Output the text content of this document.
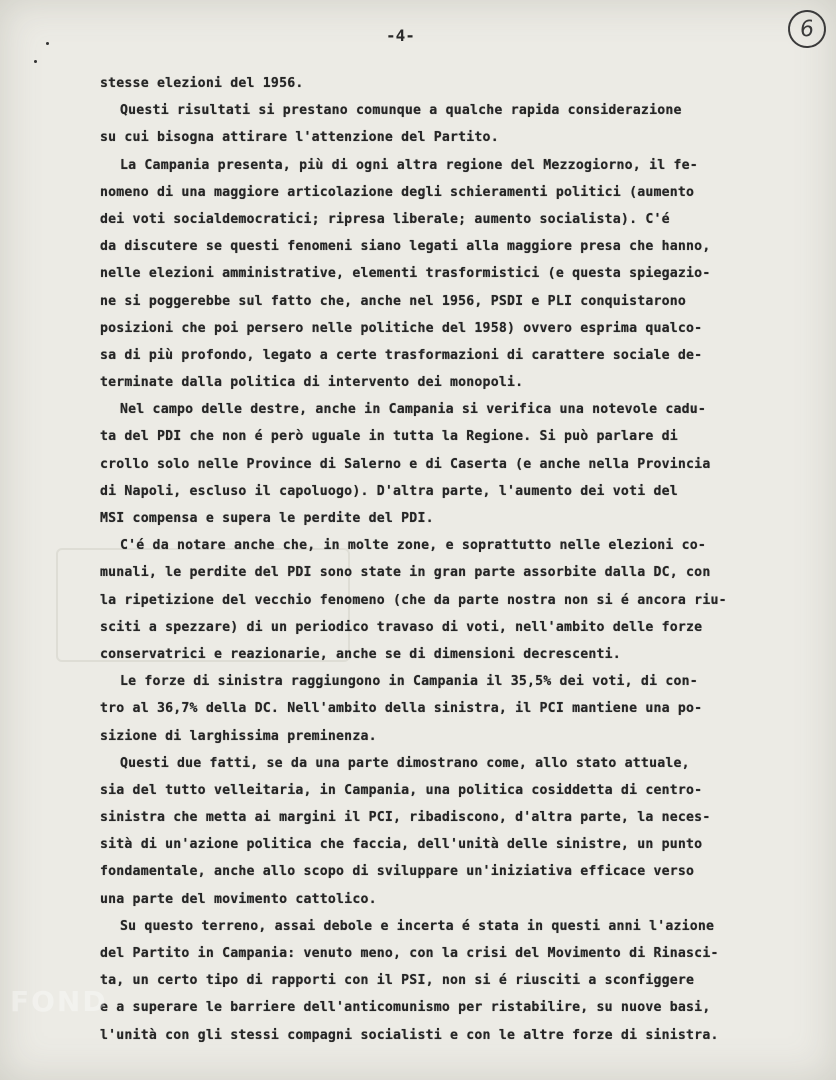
-4-	6
stesse elezioni del 1956.
Questi risultati si prestano comunque a qualche rapida considerazione
su cui bisogna attirare l'attenzione del Partito.
La Campania presenta, più di ogni altra regione del Mezzogiorno, il fe-
nomeno di una maggiore articolazione degli schieramenti politici (aumento
dei voti socialdemocratici; ripresa liberale; aumento socialista). C'é
da discutere se questi fenomeni siano legati alla maggiore presa che hanno,
nelle elezioni amministrative, elementi trasformistici (e questa spiegazio-
ne si poggerebbe sul fatto che, anche nel 1956, PSDI e PLI conquistarono
posizioni che poi persero nelle politiche del 1958) ovvero esprima qualco-
sa di più profondo, legato a certe trasformazioni di carattere sociale de-
terminate dalla politica di intervento dei monopoli.
Nel campo delle destre, anche in Campania si verifica una notevole cadu-
ta del PDI che non é però uguale in tutta la Regione. Si può parlare di
crollo solo nelle Province di Salerno e di Caserta (e anche nella Provincia
di Napoli, escluso il capoluogo). D'altra parte, l'aumento dei voti del
MSI compensa e supera le perdite del PDI.
C'é da notare anche che, in molte zone, e soprattutto nelle elezioni co-
munali, le perdite del PDI sono state in gran parte assorbite dalla DC, con
la ripetizione del vecchio fenomeno (che da parte nostra non si é ancora riu-
sciti a spezzare) di un periodico travaso di voti, nell'ambito delle forze
conservatrici e reazionarie, anche se di dimensioni decrescenti.
Le forze di sinistra raggiungono in Campania il 35,5% dei voti, di con-
tro al 36,7% della DC. Nell'ambito della sinistra, il PCI mantiene una po-
sizione di larghissima preminenza.
Questi due fatti, se da una parte dimostrano come, allo stato attuale,
sia del tutto velleitaria, in Campania, una politica cosiddetta di centro-
sinistra che metta ai margini il PCI, ribadiscono, d'altra parte, la neces-
sità di un'azione politica che faccia, dell'unità delle sinistre, un punto
fondamentale, anche allo scopo di sviluppare un'iniziativa efficace verso
una parte del movimento cattolico.
Su questo terreno, assai debole e incerta é stata in questi anni l'azione
del Partito in Campania: venuto meno, con la crisi del Movimento di Rinasci-
ta, un certo tipo di rapporti con il PSI, non si é riusciti a sconfiggere
e a superare le barriere dell'anticomunismo per ristabilire, su nuove basi,
l'unità con gli stessi compagni socialisti e con le altre forze di sinistra.
FOND
